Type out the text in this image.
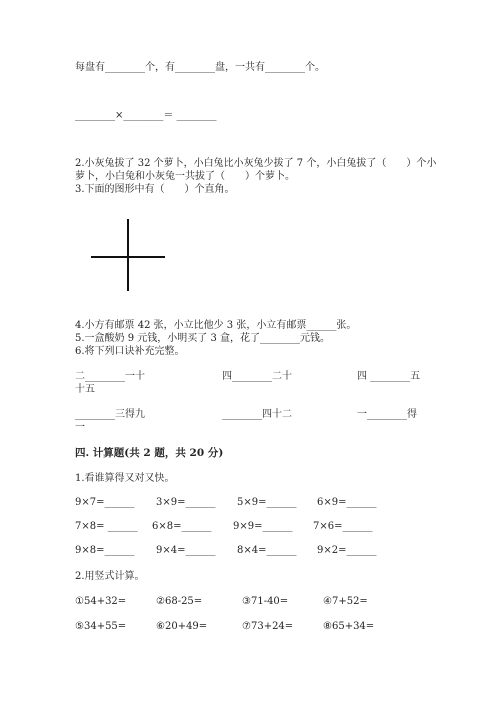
每盘有________个，有________盘，一共有________个。
________×________＝ ________
2.小灰兔拔了 32 个萝卜，小白兔比小灰兔少拔了 7 个，小白兔拔了（　　）个小
萝卜，小白兔和小灰兔一共拔了（　　）个萝卜。
3.下面的图形中有（　　）个直角。
4.小方有邮票 42 张，小立比他少 3 张，小立有邮票______张。
5.一盒酸奶 9 元钱，小明买了 3 盒，花了________元钱。
6.将下列口诀补充完整。
二________一十	四________二十	四 ________五
十五
________三得九	________四十二	一________得
一
四. 计算题(共 2 题，共 20 分)
1.看谁算得又对又快。
9×7=______ 3×9=______ 5×9=______ 6×9=______
7×8= ______ 6×8=______ 9×9=______ 7×6=______
9×8=______ 9×4=______ 8×4=______ 9×2=______
2.用竖式计算。
①54+32=	②68-25=	③71-40=	④7+52=
⑤34+55=	⑥20+49=	⑦73+24=	⑧65+34=
